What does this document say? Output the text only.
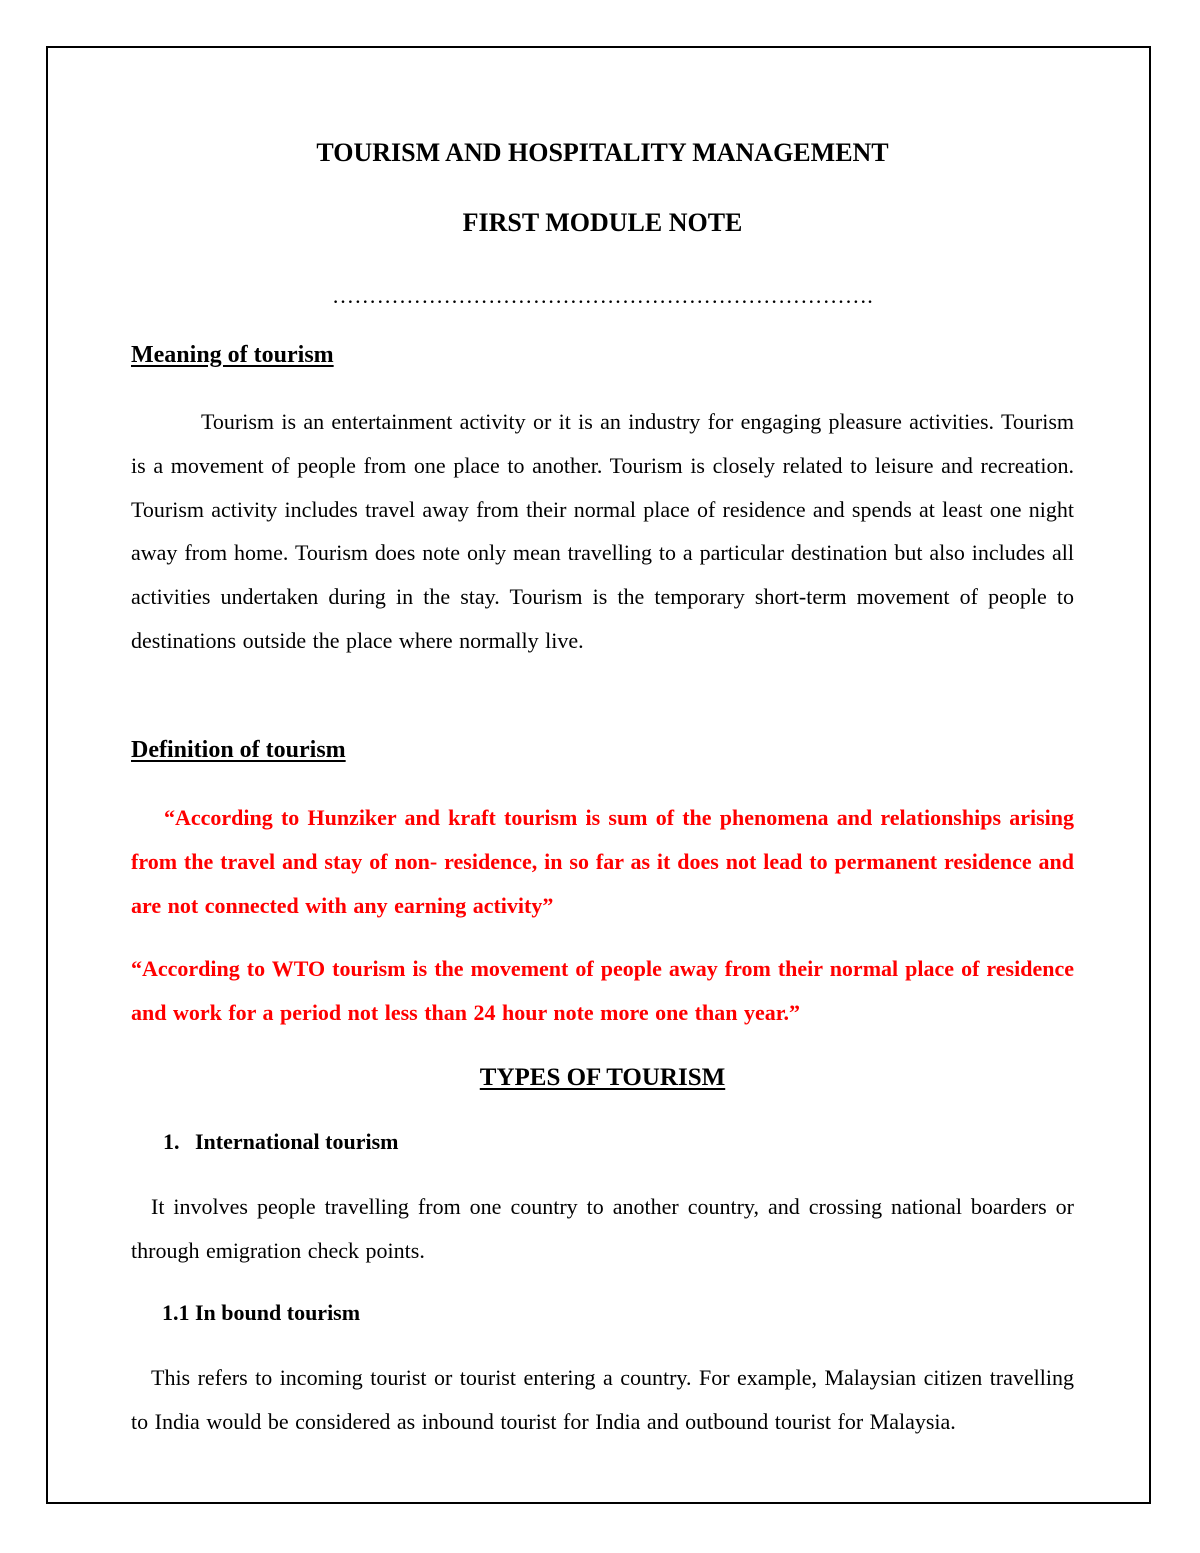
TOURISM AND HOSPITALITY MANAGEMENT
FIRST MODULE NOTE
……………………………………………………………….
Meaning of tourism

Tourism is an entertainment activity or it is an industry for engaging pleasure activities. Tourism is a movement of people from one place to another. Tourism is closely related to leisure and recreation. Tourism activity includes travel away from their normal place of residence and spends at least one night away from home. Tourism does note only mean travelling to a particular destination but also includes all activities undertaken during in the stay. Tourism is the temporary short-term movement of people to destinations outside the place where normally live.

Definition of tourism

“According to Hunziker and kraft tourism is sum of the phenomena and relationships arising from the travel and stay of non- residence, in so far as it does not lead to permanent residence and are not connected with any earning activity”

“According to WTO tourism is the movement of people away from their normal place of residence and work for a period not less than 24 hour note more one than year.”

TYPES OF TOURISM
1. International tourism

It involves people travelling from one country to another country, and crossing national boarders or through emigration check points.

1.1 In bound tourism

This refers to incoming tourist or tourist entering a country. For example, Malaysian citizen travelling to India would be considered as inbound tourist for India and outbound tourist for Malaysia.
